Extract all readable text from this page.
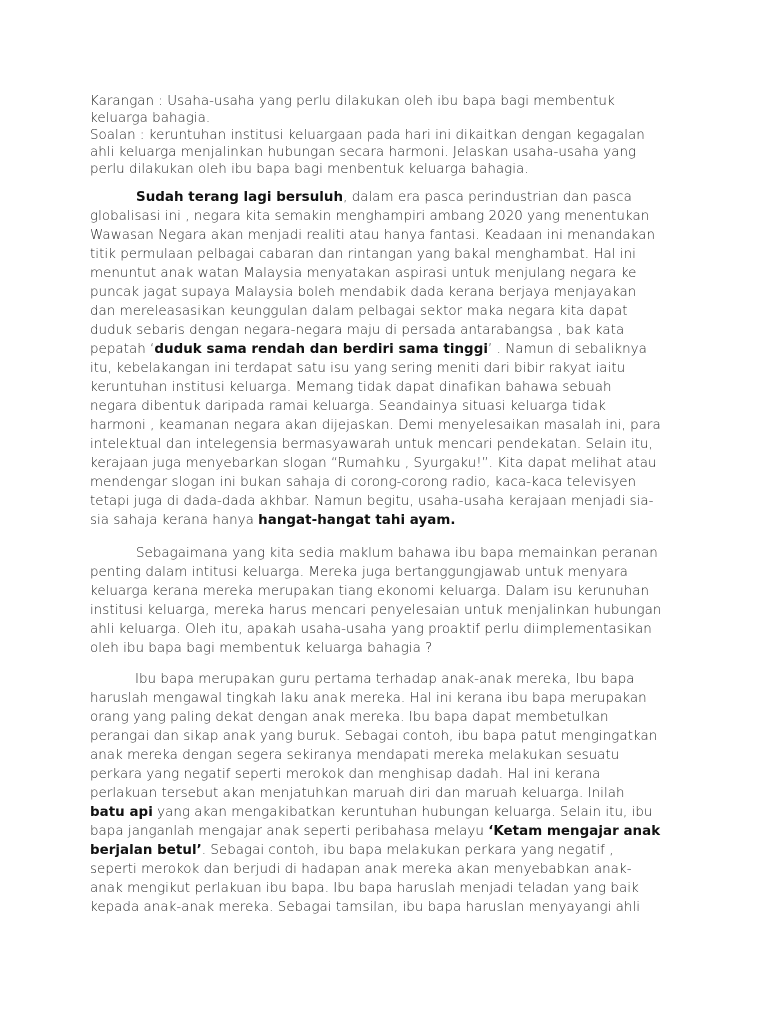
Karangan : Usaha-usaha yang perlu dilakukan oleh ibu bapa bagi membentuk
keluarga bahagia.
Soalan : keruntuhan institusi keluargaan pada hari ini dikaitkan dengan kegagalan
ahli keluarga menjalinkan hubungan secara harmoni. Jelaskan usaha-usaha yang
perlu dilakukan oleh ibu bapa bagi menbentuk keluarga bahagia.
Sudah terang lagi bersuluh, dalam era pasca perindustrian dan pasca
globalisasi ini , negara kita semakin menghampiri ambang 2020 yang menentukan
Wawasan Negara akan menjadi realiti atau hanya fantasi. Keadaan ini menandakan
titik permulaan pelbagai cabaran dan rintangan yang bakal menghambat. Hal ini
menuntut anak watan Malaysia menyatakan aspirasi untuk menjulang negara ke
puncak jagat supaya Malaysia boleh mendabik dada kerana berjaya menjayakan
dan mereleasasikan keunggulan dalam pelbagai sektor maka negara kita dapat
duduk sebaris dengan negara-negara maju di persada antarabangsa , bak kata
pepatah ‘duduk sama rendah dan berdiri sama tinggi’ . Namun di sebaliknya
itu, kebelakangan ini terdapat satu isu yang sering meniti dari bibir rakyat iaitu
keruntuhan institusi keluarga. Memang tidak dapat dinafikan bahawa sebuah
negara dibentuk daripada ramai keluarga. Seandainya situasi keluarga tidak
harmoni , keamanan negara akan dijejaskan. Demi menyelesaikan masalah ini, para
intelektual dan intelegensia bermasyawarah untuk mencari pendekatan. Selain itu,
kerajaan juga menyebarkan slogan “Rumahku , Syurgaku!”. Kita dapat melihat atau
mendengar slogan ini bukan sahaja di corong-corong radio, kaca-kaca televisyen
tetapi juga di dada-dada akhbar. Namun begitu, usaha-usaha kerajaan menjadi sia-
sia sahaja kerana hanya hangat-hangat tahi ayam.
Sebagaimana yang kita sedia maklum bahawa ibu bapa memainkan peranan
penting dalam intitusi keluarga. Mereka juga bertanggungjawab untuk menyara
keluarga kerana mereka merupakan tiang ekonomi keluarga. Dalam isu kerunuhan
institusi keluarga, mereka harus mencari penyelesaian untuk menjalinkan hubungan
ahli keluarga. Oleh itu, apakah usaha-usaha yang proaktif perlu diimplementasikan
oleh ibu bapa bagi membentuk keluarga bahagia ?
Ibu bapa merupakan guru pertama terhadap anak-anak mereka, Ibu bapa
haruslah mengawal tingkah laku anak mereka. Hal ini kerana ibu bapa merupakan
orang yang paling dekat dengan anak mereka. Ibu bapa dapat membetulkan
perangai dan sikap anak yang buruk. Sebagai contoh, ibu bapa patut mengingatkan
anak mereka dengan segera sekiranya mendapati mereka melakukan sesuatu
perkara yang negatif seperti merokok dan menghisap dadah. Hal ini kerana
perlakuan tersebut akan menjatuhkan maruah diri dan maruah keluarga. Inilah
batu api yang akan mengakibatkan keruntuhan hubungan keluarga. Selain itu, ibu
bapa janganlah mengajar anak seperti peribahasa melayu ‘Ketam mengajar anak
berjalan betul’. Sebagai contoh, ibu bapa melakukan perkara yang negatif ,
seperti merokok dan berjudi di hadapan anak mereka akan menyebabkan anak-
anak mengikut perlakuan ibu bapa. Ibu bapa haruslah menjadi teladan yang baik
kepada anak-anak mereka. Sebagai tamsilan, ibu bapa harusIan menyayangi ahli
